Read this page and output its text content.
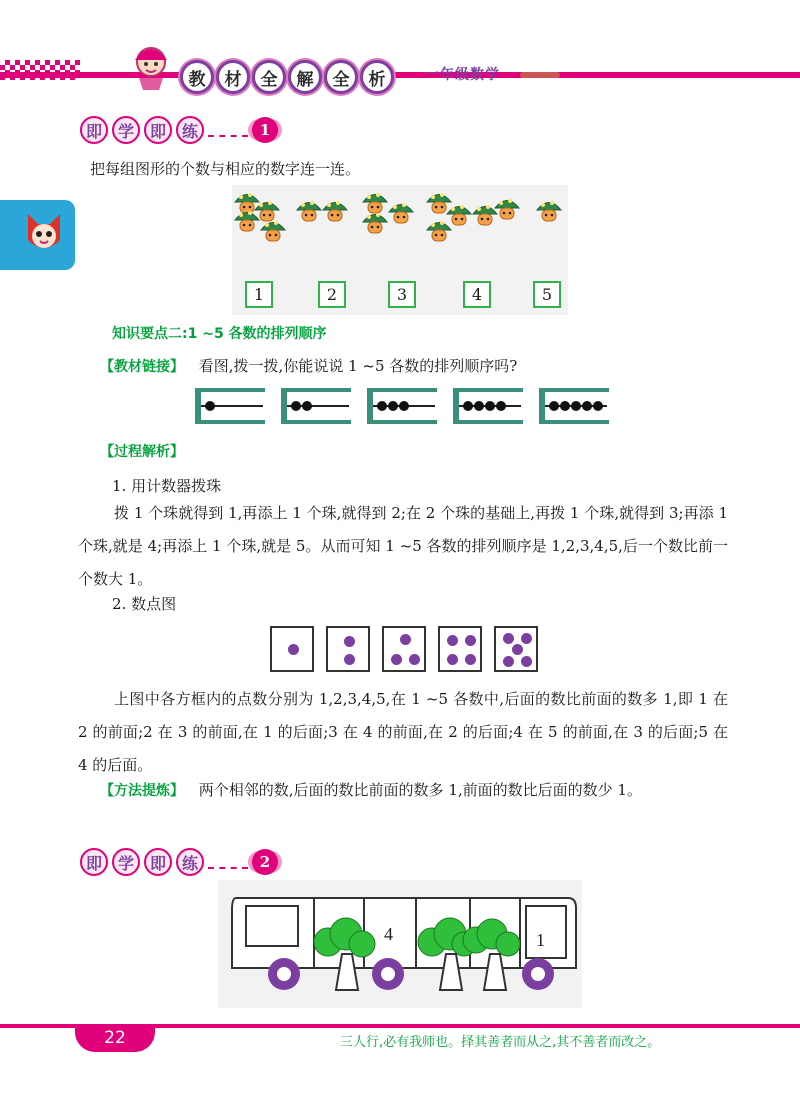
教 材 全 解 全 析	一年级数学
即 学 即 练	1
把每组图形的个数与相应的数字连一连。
1	2	3	4	5
知识要点二:1 ~5 各数的排列顺序
【教材链接】 看图,拨一拨,你能说说 1 ~5 各数的排列顺序吗?
【过程解析】
1. 用计数器拨珠
拨 1 个珠就得到 1,再添上 1 个珠,就得到 2;在 2 个珠的基础上,再拨 1 个珠,就得到 3;再添 1 个珠,就是 4;再添上 1 个珠,就是 5。从而可知 1 ~5 各数的排列顺序是 1,2,3,4,5,后一个数比前一个数大 1。
2. 数点图
上图中各方框内的点数分别为 1,2,3,4,5,在 1 ~5 各数中,后面的数比前面的数多 1,即 1 在 2 的前面;2 在 3 的前面,在 1 的后面;3 在 4 的前面,在 2 的后面;4 在 5 的前面,在 3 的后面;5 在 4 的后面。
【方法提炼】 两个相邻的数,后面的数比前面的数多 1,前面的数比后面的数少 1。
即 学 即 练	2
4	1
22	三人行,必有我师也。择其善者而从之,其不善者而改之。
